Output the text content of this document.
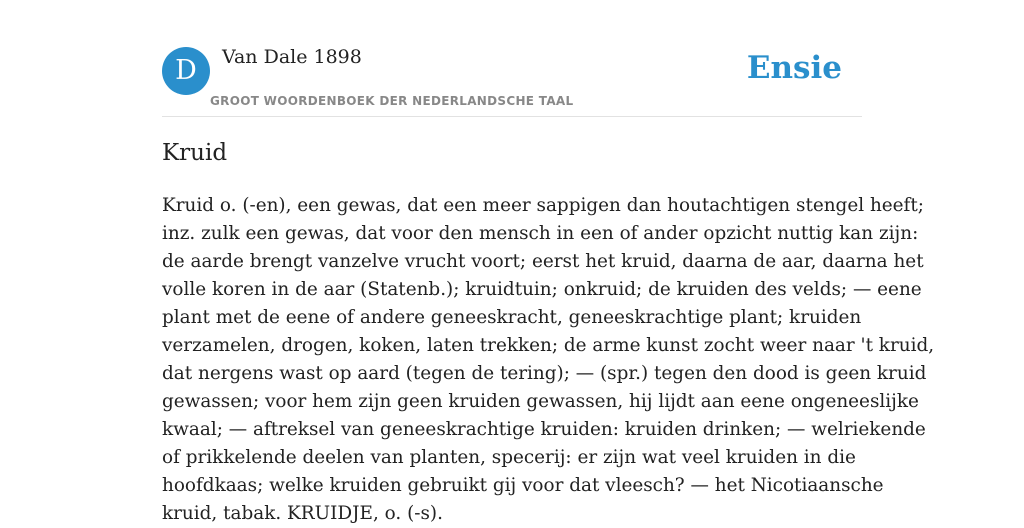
D	Van Dale 1898
GROOT WOORDENBOEK DER NEDERLANDSCHE TAAL
Ensie
Kruid

Kruid o. (-en), een gewas, dat een meer sappigen dan houtachtigen stengel heeft;
inz. zulk een gewas, dat voor den mensch in een of ander opzicht nuttig kan zijn:
de aarde brengt vanzelve vrucht voort; eerst het kruid, daarna de aar, daarna het
volle koren in de aar (Statenb.); kruidtuin; onkruid; de kruiden des velds; — eene
plant met de eene of andere geneeskracht, geneeskrachtige plant; kruiden
verzamelen, drogen, koken, laten trekken; de arme kunst zocht weer naar 't kruid,
dat nergens wast op aard (tegen de tering); — (spr.) tegen den dood is geen kruid
gewassen; voor hem zijn geen kruiden gewassen, hij lijdt aan eene ongeneeslijke
kwaal; — aftreksel van geneeskrachtige kruiden: kruiden drinken; — welriekende
of prikkelende deelen van planten, specerij: er zijn wat veel kruiden in die
hoofdkaas; welke kruiden gebruikt gij voor dat vleesch? — het Nicotiaansche
kruid, tabak. KRUIDJE, o. (-s).
